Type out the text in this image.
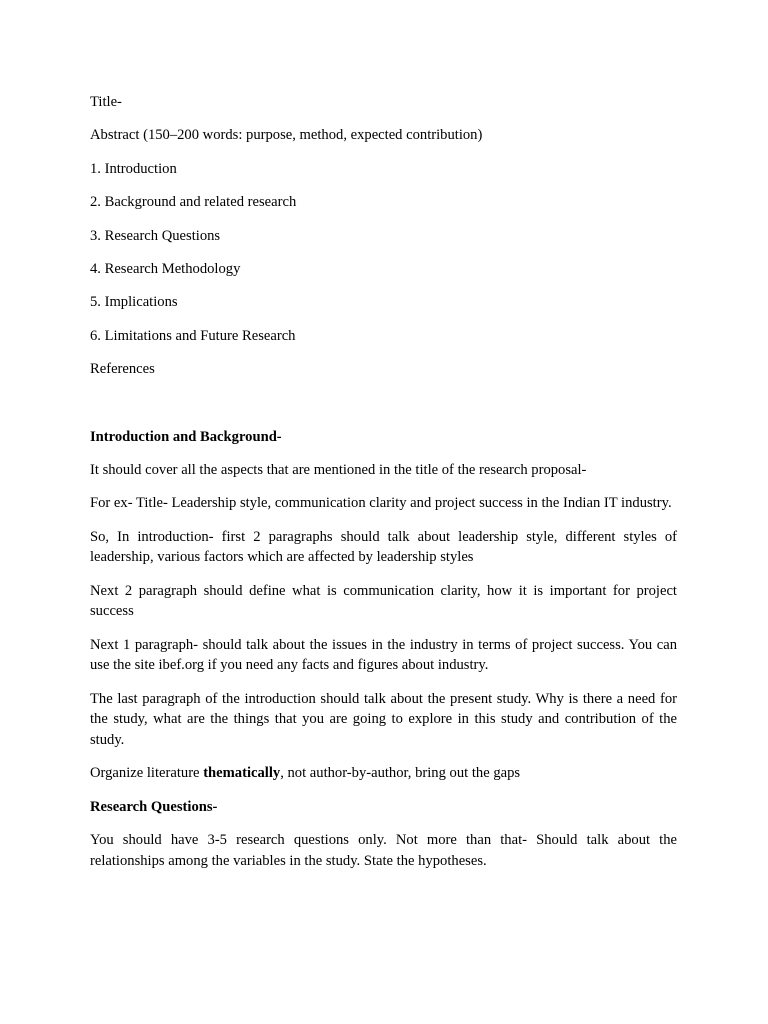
Title-

Abstract (150–200 words: purpose, method, expected contribution)

1. Introduction

2. Background and related research

3. Research Questions

4. Research Methodology

5. Implications

6. Limitations and Future Research

References

Introduction and Background-

It should cover all the aspects that are mentioned in the title of the research proposal-

For ex- Title- Leadership style, communication clarity and project success in the Indian IT industry.

So, In introduction- first 2 paragraphs should talk about leadership style, different styles of leadership, various factors which are affected by leadership styles

Next 2 paragraph should define what is communication clarity, how it is important for project success

Next 1 paragraph- should talk about the issues in the industry in terms of project success. You can use the site ibef.org if you need any facts and figures about industry.

The last paragraph of the introduction should talk about the present study. Why is there a need for the study, what are the things that you are going to explore in this study and contribution of the study.

Organize literature thematically, not author-by-author, bring out the gaps

Research Questions-

You should have 3-5 research questions only. Not more than that- Should talk about the relationships among the variables in the study. State the hypotheses.
